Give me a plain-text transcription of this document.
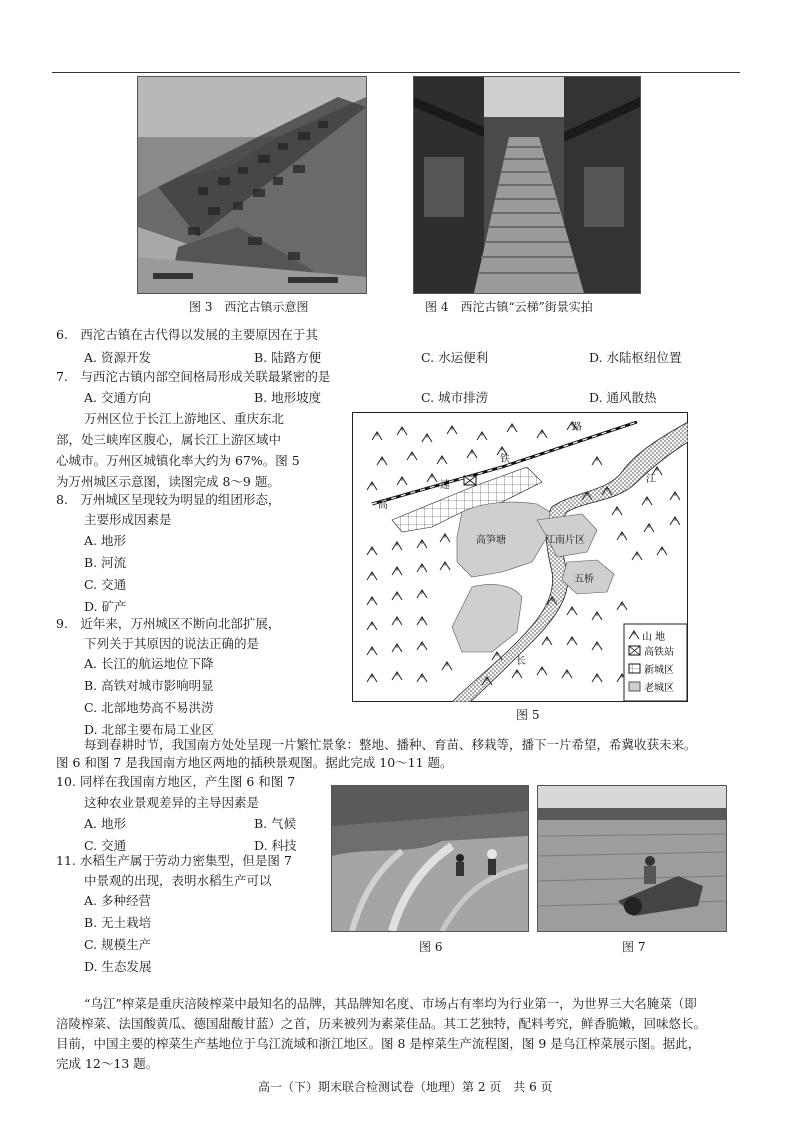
图 3　西沱古镇示意图	图 4　西沱古镇“云梯”街景实拍
6.　西沱古镇在古代得以发展的主要原因在于其
A. 资源开发	B. 陆路方便	C. 水运便利	D. 水陆枢纽位置
7.　与西沱古镇内部空间格局形成关联最紧密的是
A. 交通方向	B. 地形坡度	C. 城市排涝	D. 通风散热
万州区位于长江上游地区、重庆东北
部，处三峡库区腹心，属长江上游区域中
心城市。万州区城镇化率大约为 67%。图 5
为万州城区示意图，读图完成 8～9 题。
8.　万州城区呈现较为明显的组团形态，
主要形成因素是
A. 地形
B. 河流
C. 交通
D. 矿产
9.　近年来，万州城区不断向北部扩展，
下列关于其原因的说法正确的是
A. 长江的航运地位下降
B. 高铁对城市影响明显
C. 北部地势高不易洪涝
D. 北部主要布局工业区
高
速
铁
路
江
长
高笋塘	江南片区
五桥
山 地
高铁站
新城区
老城区
图 5
每到春耕时节，我国南方处处呈现一片繁忙景象：整地、播种、育苗、移栽等，播下一片希望，希冀收获未来。
图 6 和图 7 是我国南方地区两地的插秧景观图。据此完成 10～11 题。
10. 同样在我国南方地区，产生图 6 和图 7
这种农业景观差异的主导因素是
A. 地形	B. 气候
C. 交通	D. 科技
11. 水稻生产属于劳动力密集型，但是图 7
中景观的出现，表明水稻生产可以
A. 多种经营
B. 无土栽培
C. 规模生产
D. 生态发展
图 6	图 7
“乌江”榨菜是重庆涪陵榨菜中最知名的品牌，其品牌知名度、市场占有率均为行业第一，为世界三大名腌菜（即
涪陵榨菜、法国酸黄瓜、德国甜酸甘蓝）之首，历来被列为素菜佳品。其工艺独特，配料考究，鲜香脆嫩，回味悠长。
目前，中国主要的榨菜生产基地位于乌江流域和浙江地区。图 8 是榨菜生产流程图，图 9 是乌江榨菜展示图。据此，
完成 12～13 题。
高一（下）期末联合检测试卷（地理）第 2 页　共 6 页
